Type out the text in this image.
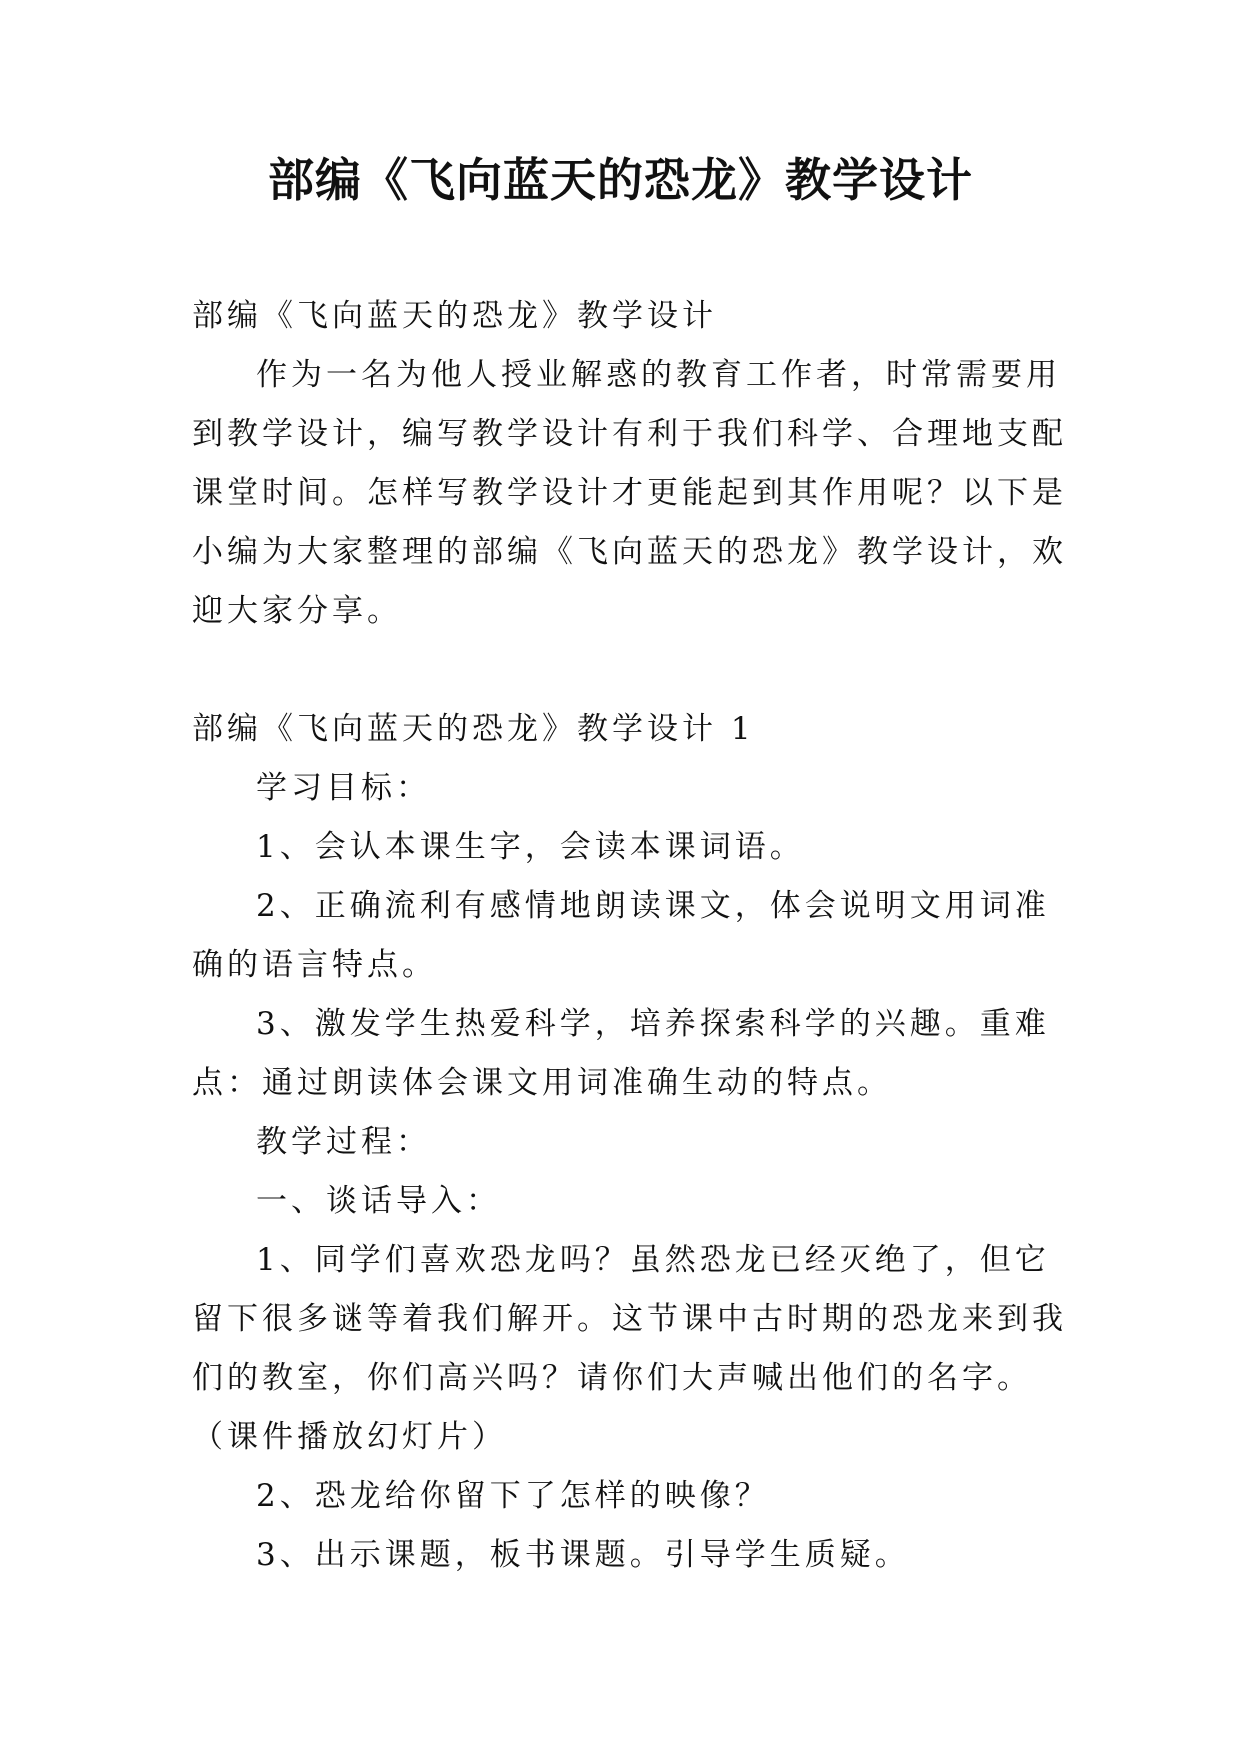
部编《飞向蓝天的恐龙》教学设计

部编《飞向蓝天的恐龙》教学设计

作为一名为他人授业解惑的教育工作者，时常需要用到教学设计，编写教学设计有利于我们科学、合理地支配课堂时间。怎样写教学设计才更能起到其作用呢？以下是小编为大家整理的部编《飞向蓝天的恐龙》教学设计，欢迎大家分享。

部编《飞向蓝天的恐龙》教学设计 1

学习目标：

1、会认本课生字，会读本课词语。

2、正确流利有感情地朗读课文，体会说明文用词准确的语言特点。

3、激发学生热爱科学，培养探索科学的兴趣。重难点：通过朗读体会课文用词准确生动的特点。

教学过程：

一、谈话导入：

1、同学们喜欢恐龙吗？虽然恐龙已经灭绝了，但它留下很多谜等着我们解开。这节课中古时期的恐龙来到我们的教室，你们高兴吗？请你们大声喊出他们的名字。（课件播放幻灯片）

2、恐龙给你留下了怎样的映像？

3、出示课题，板书课题。引导学生质疑。
